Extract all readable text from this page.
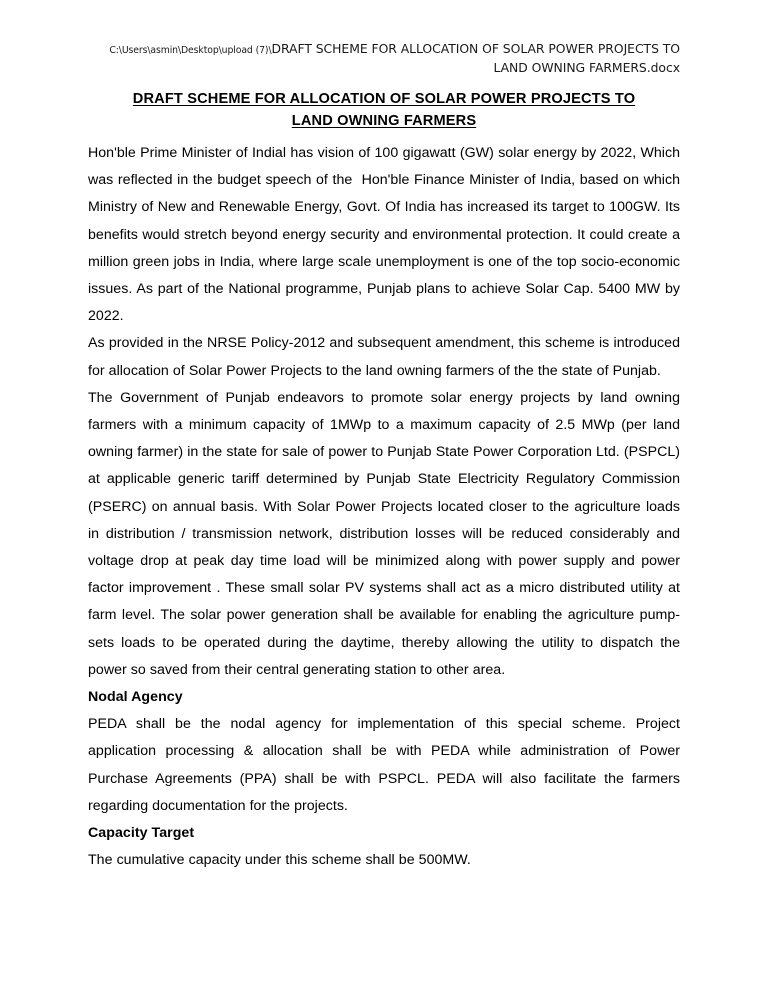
C:\Users\asmin\Desktop\upload (7)\DRAFT SCHEME FOR ALLOCATION OF SOLAR POWER PROJECTS TO LAND OWNING FARMERS.docx
DRAFT SCHEME FOR ALLOCATION OF SOLAR POWER PROJECTS TO
LAND OWNING FARMERS

Hon'ble Prime Minister of Indial has vision of 100 gigawatt (GW) solar energy by 2022, Which was reflected in the budget speech of the  Hon'ble Finance Minister of India, based on which Ministry of New and Renewable Energy, Govt. Of India has increased its target to 100GW. Its benefits would stretch beyond energy security and environmental protection. It could create a million green jobs in India, where large scale unemployment is one of the top socio-economic issues. As part of the National programme, Punjab plans to achieve Solar Cap. 5400 MW by 2022.

As provided in the NRSE Policy-2012 and subsequent amendment, this scheme is introduced for allocation of Solar Power Projects to the land owning farmers of the the state of Punjab.

The Government of Punjab endeavors to promote solar energy projects by land owning farmers with a minimum capacity of 1MWp to a maximum capacity of 2.5 MWp (per land owning farmer) in the state for sale of power to Punjab State Power Corporation Ltd. (PSPCL) at applicable generic tariff determined by Punjab State Electricity Regulatory Commission (PSERC) on annual basis. With Solar Power Projects located closer to the agriculture loads  in distribution / transmission network, distribution losses will be reduced considerably and voltage drop at peak day time load will be minimized along with power supply and power factor improvement . These small solar PV systems shall act as a micro distributed utility at farm level. The solar power generation shall be available for enabling the agriculture pump-sets loads to be operated during the daytime, thereby allowing the utility to dispatch the power so saved from their central generating station to other area.

Nodal Agency

PEDA shall be the nodal agency for implementation of this special scheme. Project application processing & allocation shall be with PEDA while administration of Power Purchase Agreements (PPA) shall be with PSPCL. PEDA will also facilitate the farmers regarding documentation for the projects.

Capacity Target

The cumulative capacity under this scheme shall be 500MW.
